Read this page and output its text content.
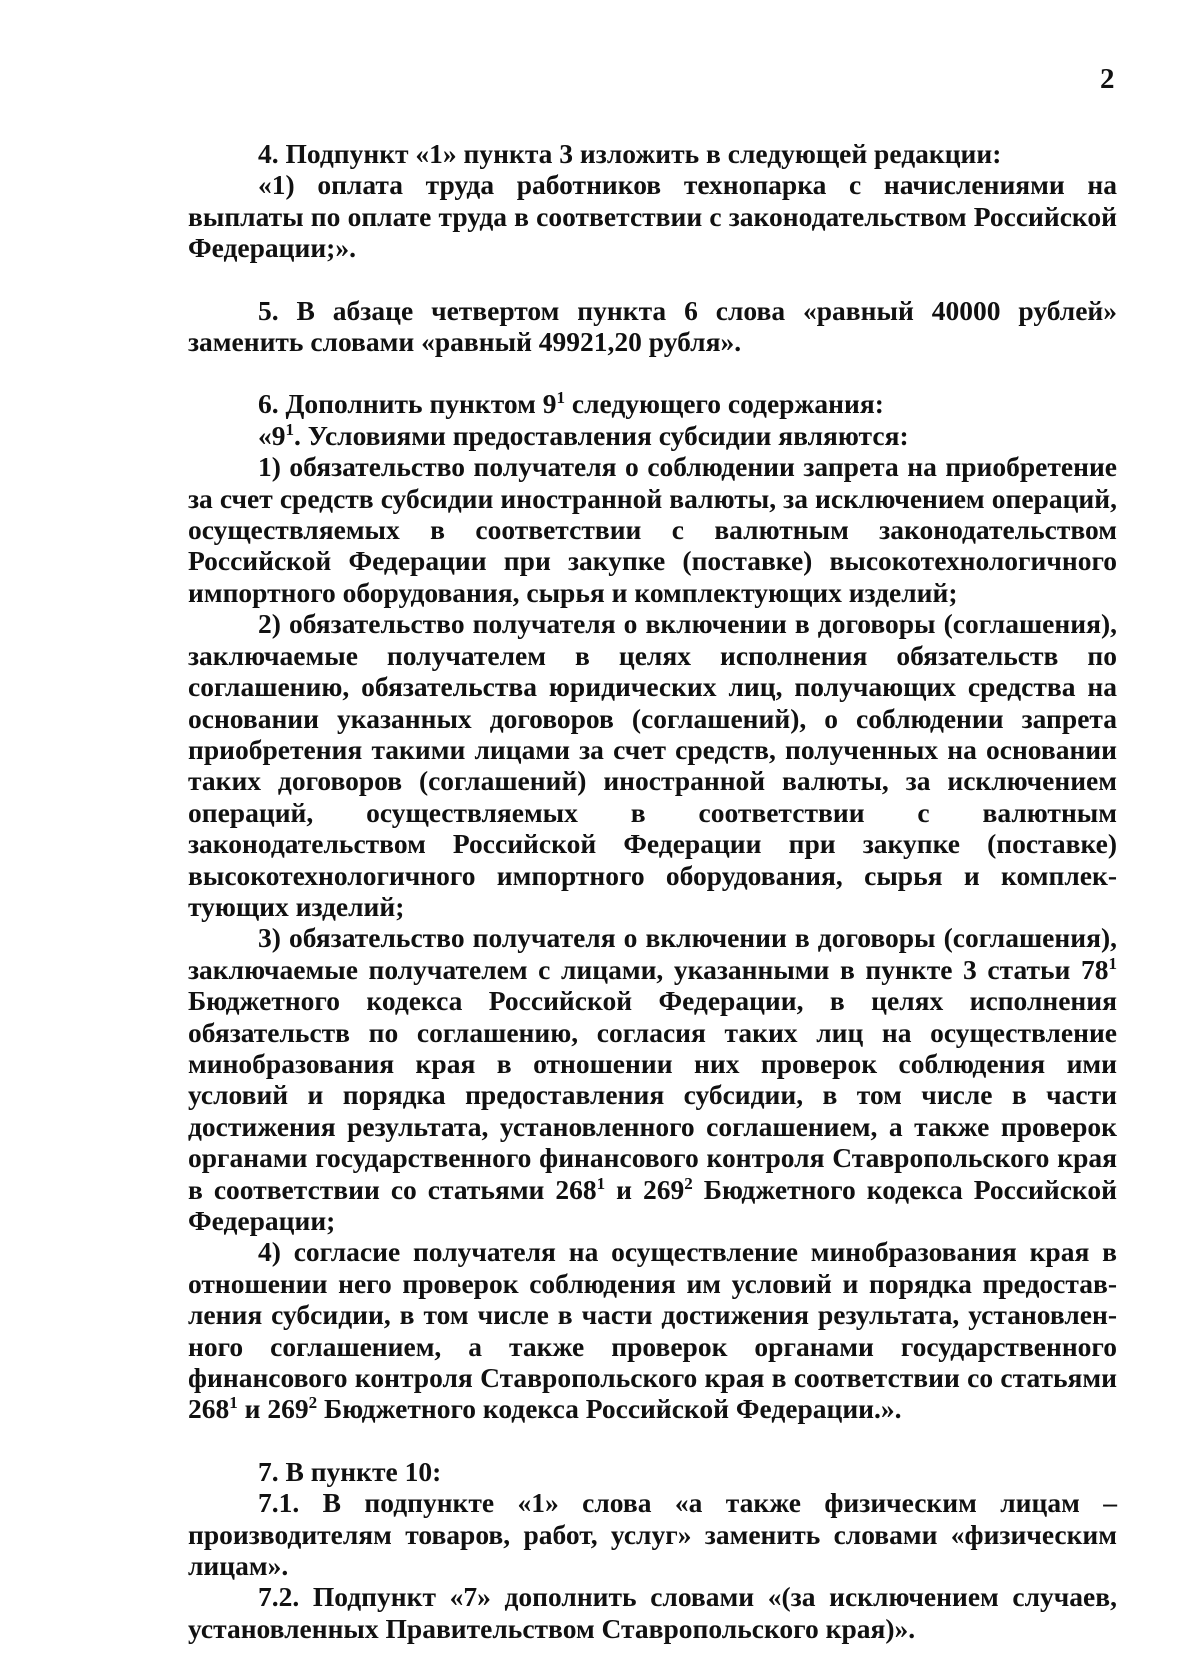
2

4. Подпункт «1» пункта 3 изложить в следующей редакции:

«1) оплата труда работников технопарка с начислениями на выплаты по оплате труда в соответствии с законодательством Российской Федерации;».

5. В абзаце четвертом пункта 6 слова «равный 40000 рублей» заменить словами «равный 49921,20 рубля».

6. Дополнить пунктом $9^1$ следующего содержания:

«$9^1$. Условиями предоставления субсидии являются:

1) обязательство получателя о соблюдении запрета на приобретение за счет средств субсидии иностранной валюты, за исключением операций, осуществляемых в соответствии с валютным законодательством Российской Федерации при закупке (поставке) высокотехнологичного импортного оборудования, сырья и комплектующих изделий;

2) обязательство получателя о включении в договоры (соглашения), заключаемые получателем в целях исполнения обязательств по соглашению, обязательства юридических лиц, получающих средства на основании указанных договоров (соглашений), о соблюдении запрета приобретения такими лицами за счет средств, полученных на основании таких договоров (соглашений) иностранной валюты, за исключением операций, осуществляемых в соответствии с валютным законодательством Российской Федерации при закупке (поставке) высокотехнологичного импортного оборудования, сырья и комплектующих изделий;

3) обязательство получателя о включении в договоры (соглашения), заключаемые получателем с лицами, указанными в пункте 3 статьи $78^1$ Бюджетного кодекса Российской Федерации, в целях исполнения обязательств по соглашению, согласия таких лиц на осуществление минобразования края в отношении них проверок соблюдения ими условий и порядка предоставления субсидии, в том числе в части достижения результата, установленного соглашением, а также проверок органами государственного финансового контроля Ставропольского края в соответствии со статьями $268^1$ и $269^2$ Бюджетного кодекса Российской Федерации;

4) согласие получателя на осуществление минобразования края в отношении него проверок соблюдения им условий и порядка предоставления субсидии, в том числе в части достижения результата, установленного соглашением, а также проверок органами государственного финансового контроля Ставропольского края в соответствии со статьями $268^1$ и $269^2$ Бюджетного кодекса Российской Федерации.».

7. В пункте 10:

7.1. В подпункте «1» слова «а также физическим лицам – производителям товаров, работ, услуг» заменить словами «физическим лицам».

7.2. Подпункт «7» дополнить словами «(за исключением случаев, установленных Правительством Ставропольского края)».
